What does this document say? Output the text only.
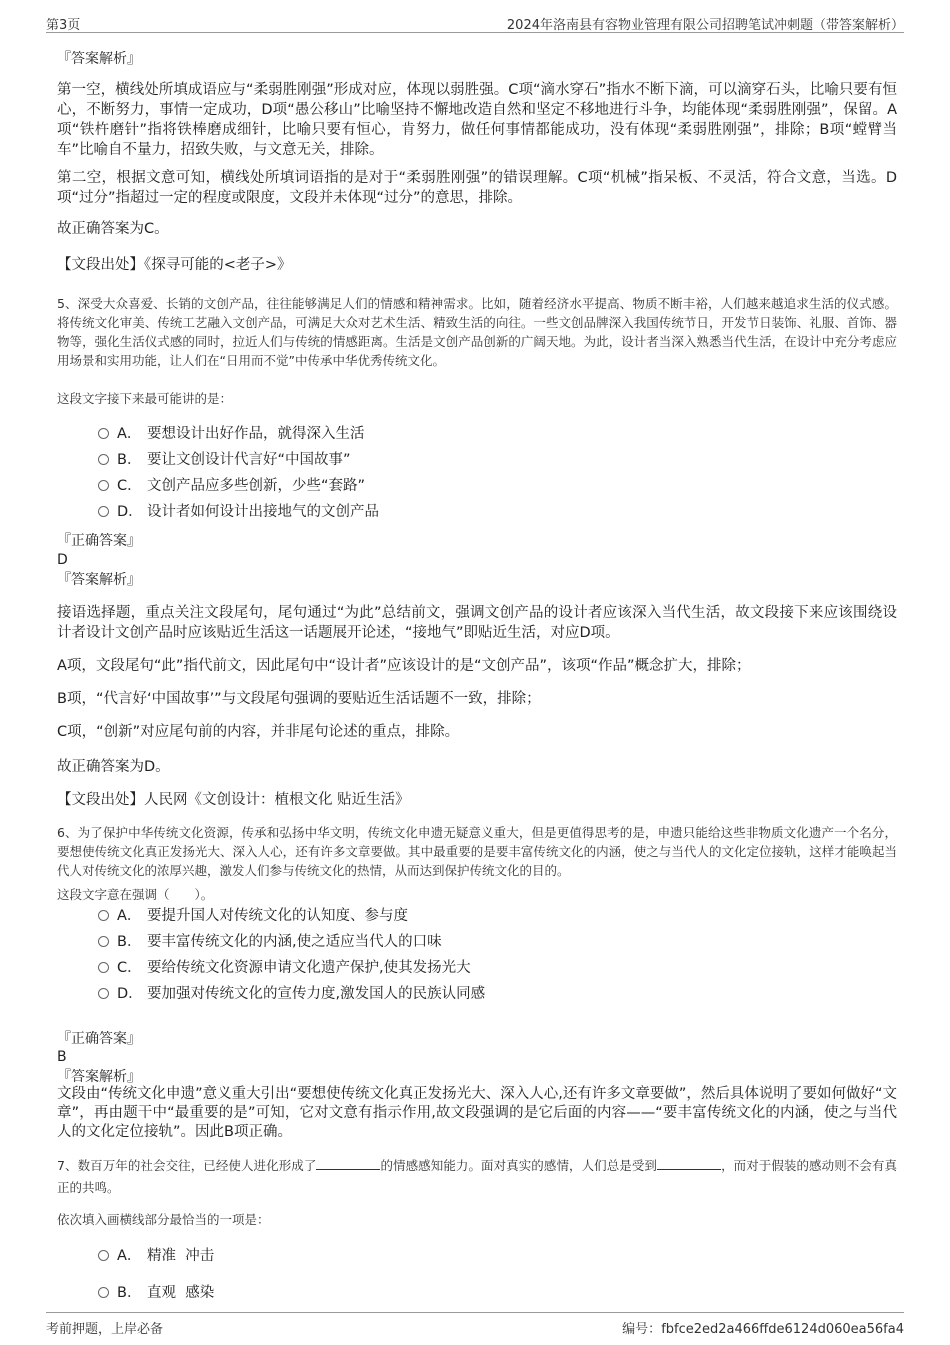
第3页	2024年洛南县有容物业管理有限公司招聘笔试冲刺题（带答案解析）
『答案解析』

第一空，横线处所填成语应与“柔弱胜刚强”形成对应，体现以弱胜强。C项“滴水穿石”指水不断下滴，可以滴穿石头，比喻只要有恒心，不断努力，事情一定成功，D项“愚公移山”比喻坚持不懈地改造自然和坚定不移地进行斗争，均能体现“柔弱胜刚强”，保留。A项“铁杵磨针”指将铁棒磨成细针，比喻只要有恒心，肯努力，做任何事情都能成功，没有体现“柔弱胜刚强”，排除；B项“螳臂当车”比喻自不量力，招致失败，与文意无关，排除。

第二空，根据文意可知，横线处所填词语指的是对于“柔弱胜刚强”的错误理解。C项“机械”指呆板、不灵活，符合文意，当选。D项“过分”指超过一定的程度或限度，文段并未体现“过分”的意思，排除。

故正确答案为C。

【文段出处】《探寻可能的<老子>》

5、深受大众喜爱、长销的文创产品，往往能够满足人们的情感和精神需求。比如，随着经济水平提高、物质不断丰裕，人们越来越追求生活的仪式感。将传统文化审美、传统工艺融入文创产品，可满足大众对艺术生活、精致生活的向往。一些文创品牌深入我国传统节日，开发节日装饰、礼服、首饰、器物等，强化生活仪式感的同时，拉近人们与传统的情感距离。生活是文创产品创新的广阔天地。为此，设计者当深入熟悉当代生活，在设计中充分考虑应用场景和实用功能，让人们在“日用而不觉”中传承中华优秀传统文化。

这段文字接下来最可能讲的是：

A． 要想设计出好作品，就得深入生活
B． 要让文创设计代言好“中国故事”
C． 文创产品应多些创新，少些“套路”
D． 设计者如何设计出接地气的文创产品
『正确答案』
D
『答案解析』

接语选择题，重点关注文段尾句，尾句通过“为此”总结前文，强调文创产品的设计者应该深入当代生活，故文段接下来应该围绕设计者设计文创产品时应该贴近生活这一话题展开论述，“接地气”即贴近生活，对应D项。

A项，文段尾句“此”指代前文，因此尾句中“设计者”应该设计的是“文创产品”，该项“作品”概念扩大，排除；

B项，“代言好‘中国故事’”与文段尾句强调的要贴近生活话题不一致，排除；

C项，“创新”对应尾句前的内容，并非尾句论述的重点，排除。

故正确答案为D。

【文段出处】人民网《文创设计：植根文化 贴近生活》

6、为了保护中华传统文化资源，传承和弘扬中华文明，传统文化申遗无疑意义重大，但是更值得思考的是，申遗只能给这些非物质文化遗产一个名分，要想使传统文化真正发扬光大、深入人心，还有许多文章要做。其中最重要的是要丰富传统文化的内涵，使之与当代人的文化定位接轨，这样才能唤起当代人对传统文化的浓厚兴趣，激发人们参与传统文化的热情，从而达到保护传统文化的目的。

这段文字意在强调（　　）。

A． 要提升国人对传统文化的认知度、参与度
B． 要丰富传统文化的内涵,使之适应当代人的口味
C． 要给传统文化资源申请文化遗产保护,使其发扬光大
D． 要加强对传统文化的宣传力度,激发国人的民族认同感
『正确答案』
B
『答案解析』

文段由“传统文化申遗”意义重大引出“要想使传统文化真正发扬光大、深入人心,还有许多文章要做”，然后具体说明了要如何做好“文章”，再由题干中“最重要的是”可知，它对文意有指示作用,故文段强调的是它后面的内容——“要丰富传统文化的内涵，使之与当代人的文化定位接轨”。因此B项正确。

7、数百万年的社会交往，已经使人进化形成了	的情感感知能力。面对真实的感情，人们总是受到	，而对于假装的感动则不会有真正的共鸣。

依次填入画横线部分最恰当的一项是：

A． 精准  冲击
B． 直观  感染
考前押题，上岸必备	编号：fbfce2ed2a466ffde6124d060ea56fa4
